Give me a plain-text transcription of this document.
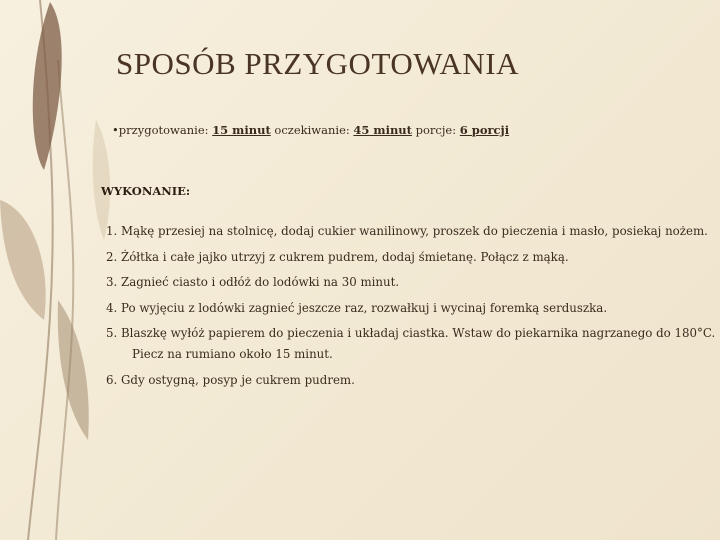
SPOSÓB PRZYGOTOWANIA
•przygotowanie: 15 minut oczekiwanie: 45 minut porcje: 6 porcji
WYKONANIE:
1. Mąkę przesiej na stolnicę, dodaj cukier wanilinowy, proszek do pieczenia i masło, posiekaj nożem.
2. Żółtka i całe jajko utrzyj z cukrem pudrem, dodaj śmietanę. Połącz z mąką.
3. Zagnieć ciasto i odłóż do lodówki na 30 minut.
4. Po wyjęciu z lodówki zagnieć jeszcze raz, rozwałkuj i wycinaj foremką serduszka.
5. Blaszkę wyłóż papierem do pieczenia i układaj ciastka. Wstaw do piekarnika nagrzanego do 180°C.
Piecz na rumiano około 15 minut.
6. Gdy ostygną, posyp je cukrem pudrem.
